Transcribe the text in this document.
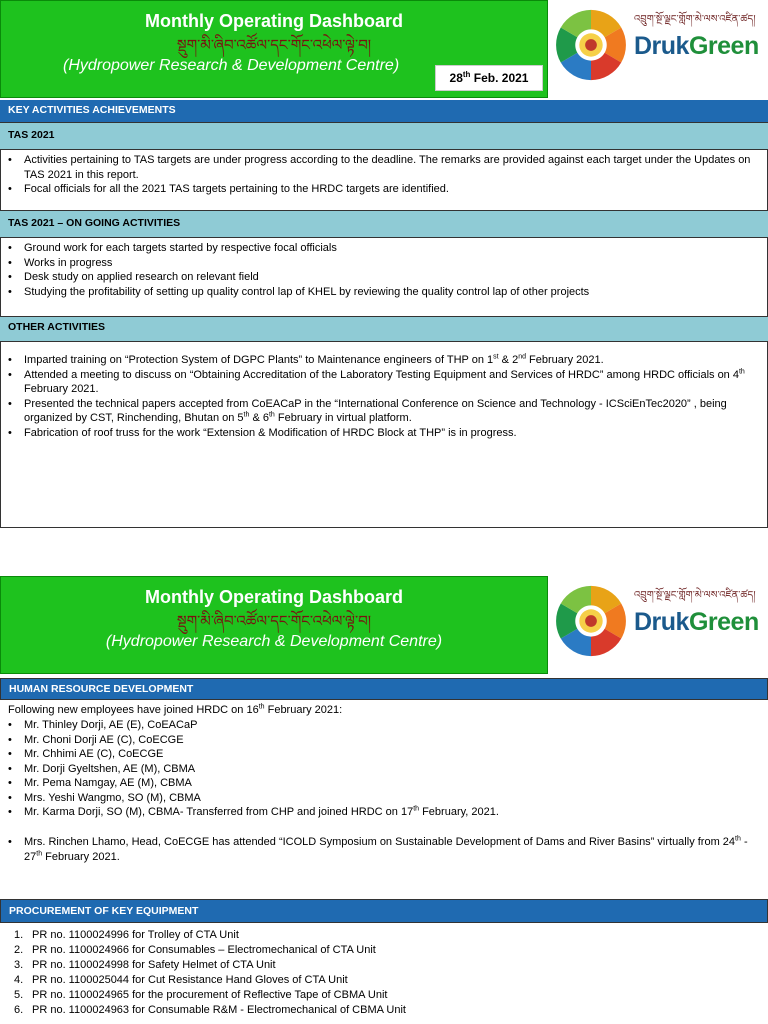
Monthly Operating Dashboard
སྡུག་མི་ཞིབ་འཚོལ་དང་གོང་འཕེལ་ལྟེ་བ།
(Hydropower Research & Development Centre)
28th Feb. 2021
འབྲུག་སྔོ་ལྗང་གློག་མེ་ལས་འཛིན་ཚད།
DrukGreen
KEY ACTIVITIES ACHIEVEMENTS
TAS 2021
• Activities pertaining to TAS targets are under progress according to the deadline. The remarks are provided against each target under the Updates on TAS 2021 in this report.
• Focal officials for all the 2021 TAS targets pertaining to the HRDC targets are identified.
TAS 2021 – ON GOING ACTIVITIES
• Ground work for each targets started by respective focal officials
• Works in progress
• Desk study on applied research on relevant field
• Studying the profitability of setting up quality control lap of KHEL by reviewing the quality control lap of other projects
OTHER ACTIVITIES
• Imparted training on “Protection System of DGPC Plants” to Maintenance engineers of THP on 1st & 2nd February 2021.
• Attended a meeting to discuss on “Obtaining Accreditation of the Laboratory Testing Equipment and Services of HRDC” among HRDC officials on 4th February 2021.
• Presented the technical papers accepted from CoEACaP in the “International Conference on Science and Technology - ICSciEnTec2020” , being organized by CST, Rinchending, Bhutan on 5th & 6th February in virtual platform.
• Fabrication of roof truss for the work “Extension & Modification of HRDC Block at THP” is in progress.
Monthly Operating Dashboard
སྡུག་མི་ཞིབ་འཚོལ་དང་གོང་འཕེལ་ལྟེ་བ།
(Hydropower Research & Development Centre)
འབྲུག་སྔོ་ལྗང་གློག་མེ་ལས་འཛིན་ཚད།
DrukGreen
HUMAN RESOURCE DEVELOPMENT
Following new employees have joined HRDC on 16th February 2021:
• Mr. Thinley Dorji, AE (E), CoEACaP
• Mr. Choni Dorji AE (C), CoECGE
• Mr. Chhimi AE (C), CoECGE
• Mr. Dorji Gyeltshen, AE (M), CBMA
• Mr. Pema Namgay, AE (M), CBMA
• Mrs. Yeshi Wangmo, SO (M), CBMA
• Mr. Karma Dorji, SO (M), CBMA- Transferred from CHP and joined HRDC on 17th February, 2021.
• Mrs. Rinchen Lhamo, Head, CoECGE has attended “ICOLD Symposium on Sustainable Development of Dams and River Basins” virtually from 24th - 27th February 2021.
PROCUREMENT OF KEY EQUIPMENT
1. PR no. 1100024996 for Trolley of CTA Unit
2. PR no. 1100024966 for Consumables – Electromechanical of CTA Unit
3. PR no. 1100024998 for Safety Helmet of CTA Unit
4. PR no. 1100025044 for Cut Resistance Hand Gloves of CTA Unit
5. PR no. 1100024965 for the procurement of Reflective Tape of CBMA Unit
6. PR no. 1100024963 for Consumable R&M - Electromechanical of CBMA Unit
